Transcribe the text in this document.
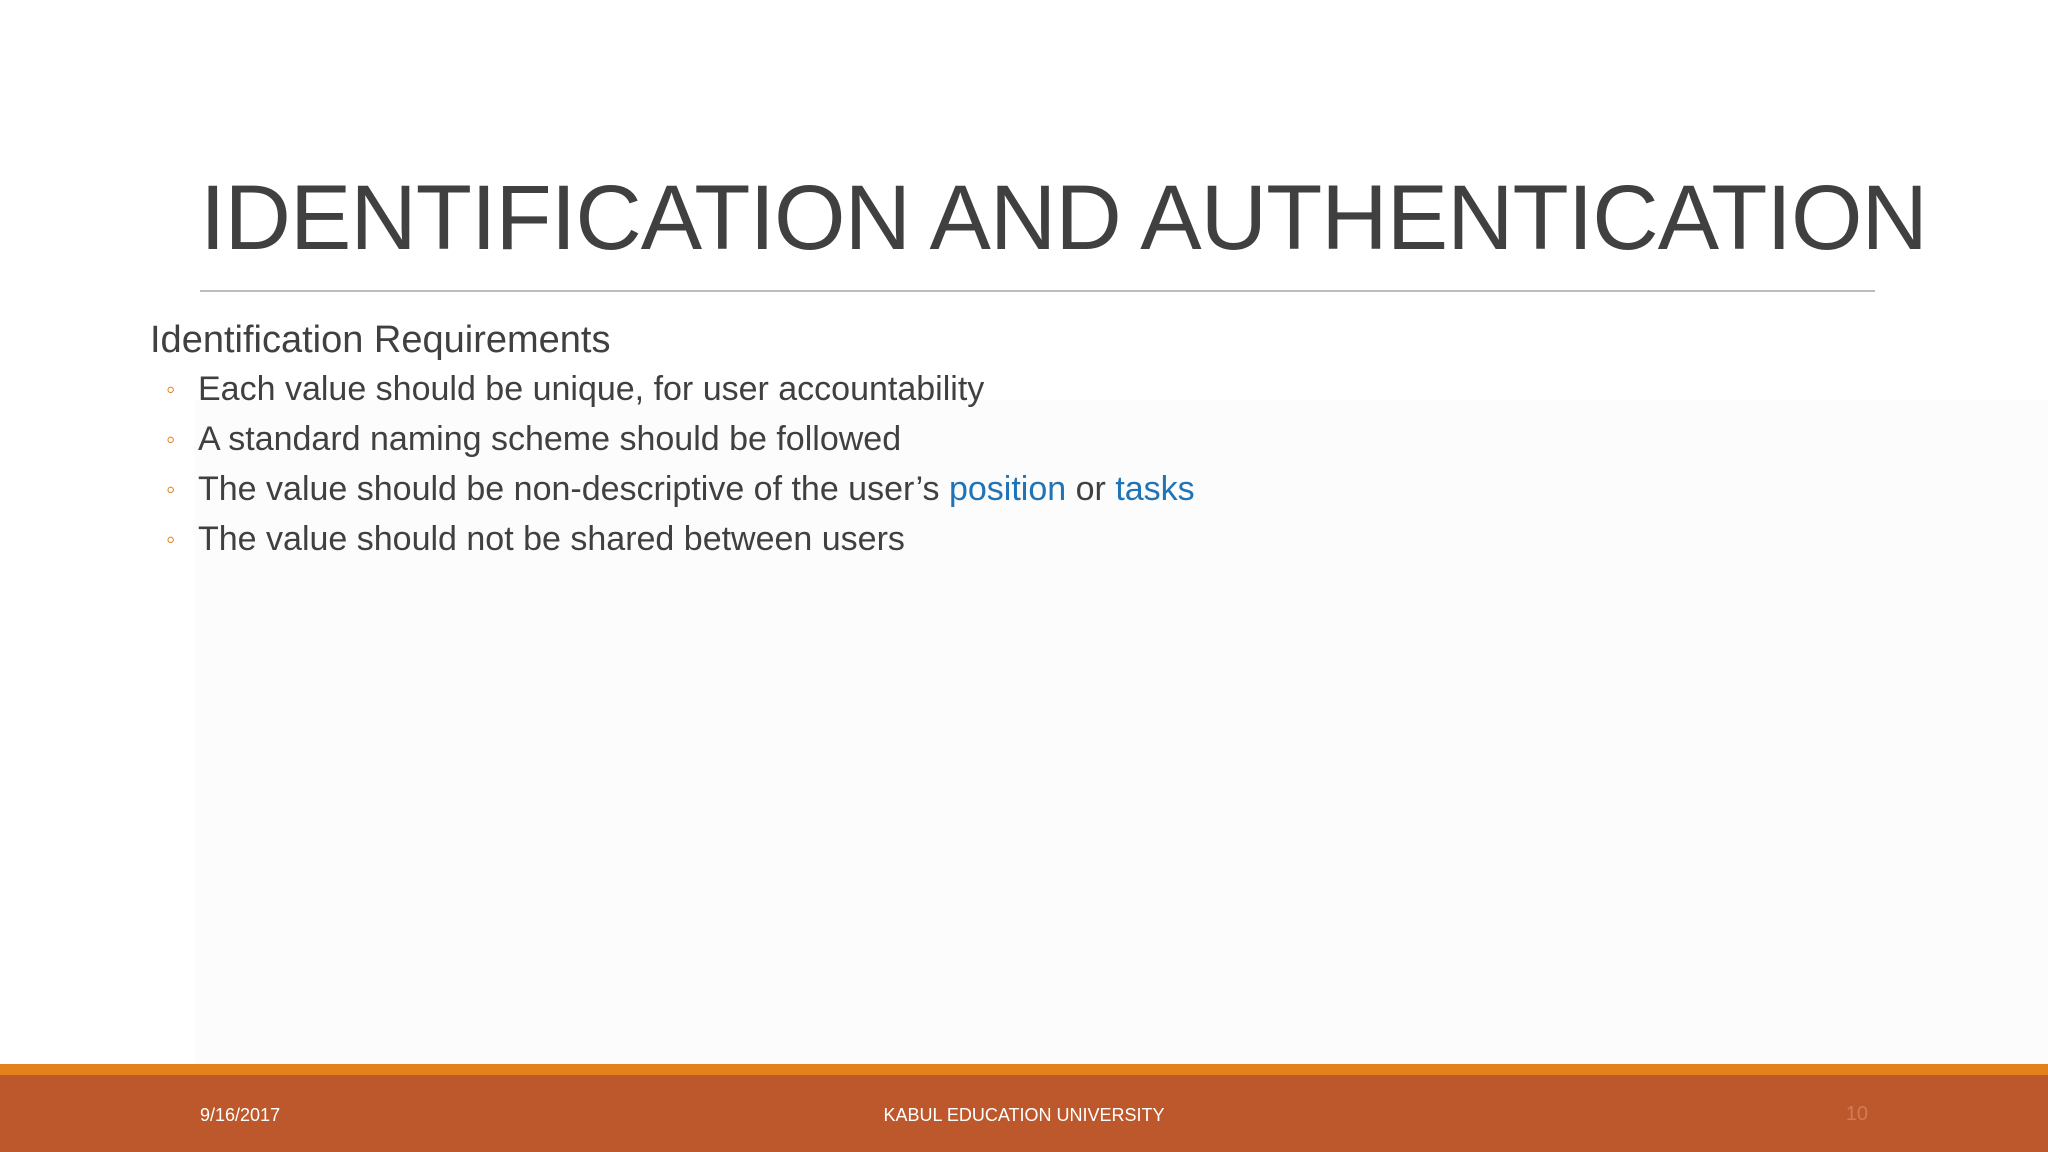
IDENTIFICATION AND AUTHENTICATION
Identification Requirements
◦ Each value should be unique, for user accountability
◦ A standard naming scheme should be followed
◦ The value should be non-descriptive of the user’s position or tasks
◦ The value should not be shared between users
9/16/2017	KABUL EDUCATION UNIVERSITY	10
